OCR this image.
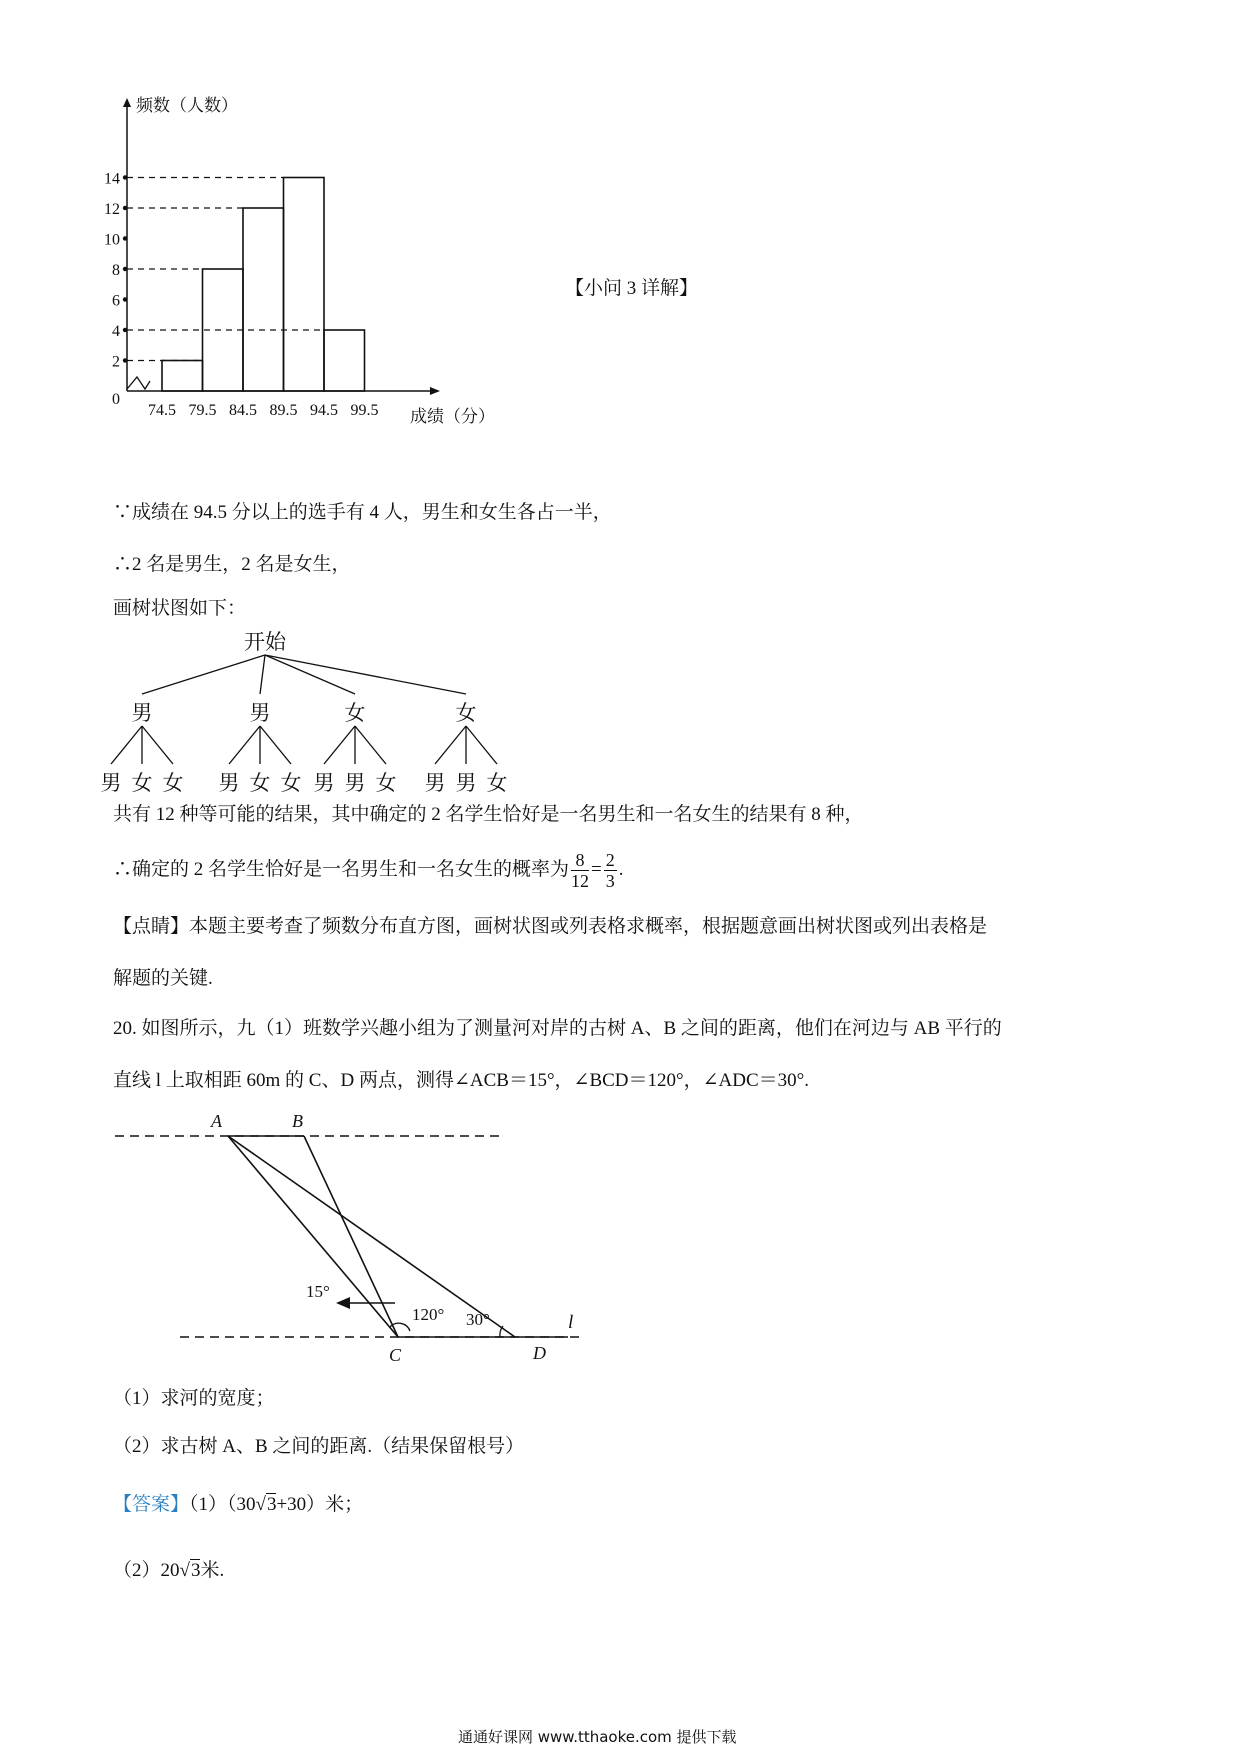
频数（人数）
成绩（分）
0
2
4
6
8
10
12
14
74.5 79.5 84.5 89.5 94.5 99.5
【小问 3 详解】
∵成绩在 94.5 分以上的选手有 4 人，男生和女生各占一半，
∴2 名是男生，2 名是女生，
画树状图如下：
开始
男
男 女 女
男
男 女 女
女
男 男 女
女
男 男 女
共有 12 种等可能的结果，其中确定的 2 名学生恰好是一名男生和一名女生的结果有 8 种，
∴确定的 2 名学生恰好是一名男生和一名女生的概率为 $\frac{8}{12} = \frac{2}{3}$ .
【点睛】本题主要考查了频数分布直方图，画树状图或列表格求概率，根据题意画出树状图或列出表格是
解题的关键.
20. 如图所示，九（1）班数学兴趣小组为了测量河对岸的古树 A、B 之间的距离，他们在河边与 AB 平行的
直线 l 上取相距 60m 的 C、D 两点，测得∠ACB＝15°，∠BCD＝120°，∠ADC＝30°.
A	B
C	D
l
15°
120° 30°
（1）求河的宽度；
（2）求古树 A、B 之间的距离.（结果保留根号）
【答案】（1）（30√3+30）米；
（2）20√3米.
通通好课网 www.tthaoke.com 提供下载
